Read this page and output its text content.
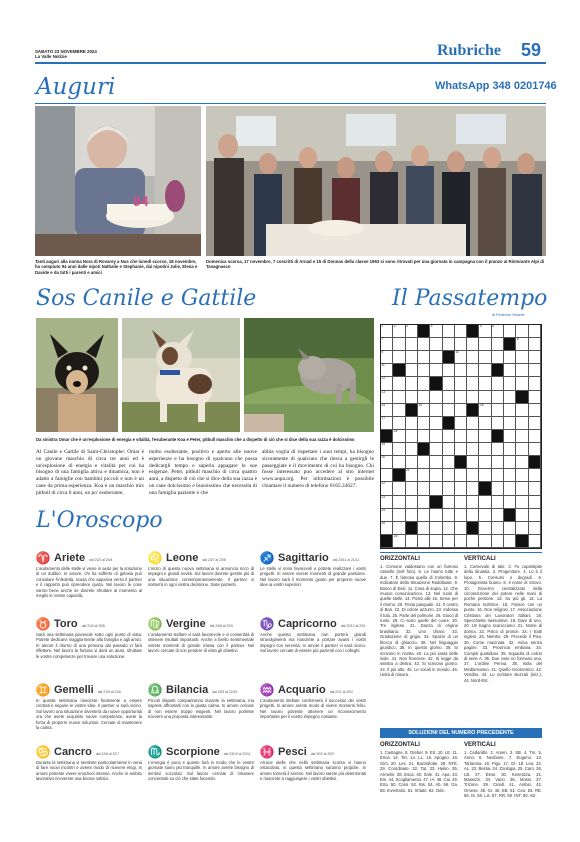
SABATO 23 NOVEMBRE 2024
La Valle Notizie	Rubriche 59
Auguri	WhatsApp 348 0201746
94
Tanti auguri alla nonna Nora di Rovarey a Nus che lunedì scorso, 18 novembre, ha compiuto 94 anni dalle nipoti Nathalie e Stephanie, dai nipotini Julie, Elena e Davide e da tutti i parenti e amici
Domenica scorsa, 17 novembre, 7 coscritti di Arnad e 15 di Donnas della classe 1963 si sono ritrovati per una giornata in campagna con il pranzo al Ristorante Alpi di Tavagnasco
Sos Canile e Gattile
Da sinistra Omar che è un'esplosione di energia e vitalità, l'esuberante Koa e Peter, pitbull maschio che a dispetto di ciò che si dice della sua razza è dolcissimo
Al Canile e Gattile di Saint-Christophe: Omar è un giovane maschio di circa tre anni ed è un'esplosione di energia e vitalità per cui ha bisogno di una famiglia attiva e dinamica, non è adatto a famiglie con bambini piccoli e non è un cane da prima esperienza. Koa è un maschio mix pitbull di circa 6 anni, un po' esuberante,
molto esuberante, positivo e aperto alle nuove esperienze e ha bisogno di qualcuno che possa dedicargli tempo e saperla appagare le sue esigenze. Peter, pitbull maschio di circa quattro anni, a dispetto di ciò che si dice della sua razza è un cane dolcissimo e buonissimo che necessita di una famiglia paziente e che
abbia voglia di rispettare i suoi tempi, ha bisogno sicuramente di qualcuno che riesca a gestirgli le passeggiate e il movimento di cui ha bisogno. Chi fosse interessato può accedere al sito internet www.aopa.org. Per informazioni è possibile chiamare il numero di telefono 0165.34627.
Il Passatempo
di Federica Vinante
1	2	3	4	5	6
7	8
9	10
11
12
13
14	15	16
17
18
19
20
21
22
23
24
25
26
ORIZZONTALI
1. Comune valdostano con un famoso castello (nell foto). 5. Le hanno tutte e due. 7. È famosa quella di Colombo. 8. Indicatore della Situazione Reddituale. 9. Bosco di Essi. 11. Cosa di sopra. 12. Che muove comunicazioni. 13. Nel ruolo di quelle stelle. 14. Posto alle 16. Serve per il ritorno. 20. Festa pasquale. 21. Il centro di Bari. 22. Di colore azzurro. 23. Indossa il tutù. 25. Parte del polmone. 26. Gioco di ruolo. 28. Ci sono quelle del cuore. 30. Tre inglese. 31. Danza di origine brasiliana. 32. Uno chiaro. 33. Gradazione di grigio. 34. Spazio di un blocco di ghiaccio. 36. Nel linguaggio giuridico. 38. In questo giorno. 39. Si scrivono in ricetta. 40. La più vasta delle isole. 41. Non francese. 42. Si legge da sinistra a destra. 43. Si scrivono giorno. 44. Il più alto. 45. Le vocali in mondo. 46. Unità di misura.
VERTICALI
1. Carnevale di tale. 2. Fu capostipite della dinastia. 3. Progenitore. 4. Lo è il lupo. 5. Consumi o degradi. 6. Protagonista buono. 8. Il nome di Snovo. 10. Governo centralizzato della circoscrizione del potere nelle mani di poche persone. 13. Su più gli. 14. La Romana scrittrice. 15. Finisce con un punto. 16. Non religiosi. 17. Associazione Cristiana dei Lavoratori Italiani. 18. Specchiette riassuntive. 19. Dare di uno. 20. Un bagno scanicciano. 21. Nome di donna. 23. Palco di prosce. 24. I tratti inglesi. 26. Nembo. 29. Precede il Pisa. 30. Come macinata. 32. Aviva senza pagine. 33. Provincia emiliana. 34. Compiti quotidiani. 35. Squadra di calcio di serie A. 36. Due cose no formano una. 37. L'ordine Penna. 38. Isola del Mediterraneo. 41. Quello Geometrico. 42. Vendita. 43. Lo scrittore Buzzati (iniz.). 44. Nord-Est.
SOLUZIONI DEL NUMERO PRECEDENTE
ORIZZONTALI
1. Castagne. 8. Oreber. 9. ES. 10. LE. 11. Erica. 12. Tet. 14. LL. 15. Apogeo. 18. Gim. 20. Les. 21. Bazzellotte. 28. NTE. 29. Coordinate. 32. Tat. 33. Heiko. 35. Armelin. 38. Esca. 40. Sole. 41. Apa. 43. Em. 44. Scogliamento. 47. IA. 48. Cai. 49. Erta. 50. Corsi. 52. Bis. 54. Ab. 56. Ga. 58. Inventario. 61. Irritate. 62. Ode.
VERTICALI
1. Cedaridlo. 2. Amen. 3. SB. 4. Tm. 5. Anno. 6. Neobone. 7. Eugeno. 13. Tarlarosa. 16. Pigo. 17. GI. 19. Lea. 22. AL. 23. Bestia. 24. Zoologia. 25. Caro. 26. LB. 27. Esne. 30. Kenetizza. 31. Massizzi. 34. Vano. 36. Mossi. 37. Trizone. 39. Cinalt. 41. Ambio. 42. Ornese. 45. GI. 46. EB. 51. Ceo. 53. RE. 55. IS. 56. Lis. 57. RR. 59. INT. 60. AD.
L'Oroscopo
♈ Ariete dal 21/3 al 20/4
L'andamento delle stelle vi viene in aiuto per la soluzione di un dubbio. In amore, chi ha sofferto di gelosia può consolare l'infedeltà, scusa che appariva verso il partner e il rapporto può riprendere quota. Nel lavoro le cose vanno bene anche se dovrete sfruttare al momento al meglio le vostre capacità.
♉ Toro dal 21/4 al 20/5
Sarà una settimana piacevole sotto ogni punto di vista. Potrete dedicarvi maggiormente alla famiglia e agli amici. In amore il ritorno di una persona dal passato vi farà riflettere. Nel lavoro la fortuna vi darà un aiuto, sfruttate le vostre competenze per trovare una soluzione.
♊ Gemelli dal 21/5 al 21/6
In questa settimana riuscirete finalmente a essere centrati e seguire le vostre idee. Il partner vi sarà vicino. Sul lavoro una situazione diventerà da nuove opportunità ora che avete acquisito nuove competenze, avete la forza di proporre nuove soluzioni. Cercate di mantenere la calma.
♋ Cancro dal 22/6 al 22/7
Durante la settimana vi sentirete particolarmente in vena di fare nuovi incontri e avrete modo di ricevere elogi. In amore potreste vivere emozioni intense. Anche in ambito lavorativo riceverete una buona notizia.
♌ Leone dal 23/7 al 23/8
L'inizio di questa nuova settimana si annuncia ricco di impegni e grandi novità. Sul lavoro dovrete gestire più di una situazione contemporaneamente. Il partner vi sosterrà in ogni vostra decisione. Siate pazienti.
♍ Vergine dal 24/8 al 22/9
L'andamento stellare vi sarà favorevole e vi consentirà di ottenere risultati importanti. Anche a livello sentimentale vivrete momenti di grande intesa con il partner. Nel lavoro cercate di non perdere di vista gli obiettivi.
♎ Bilancia dal 23/9 al 22/10
Piccoli dispetti compariranno durante la settimana, ma saprete affrontarli con la giusta calma. In amore cercate di non essere troppo esigenti. Nel lavoro potreste ricevere una proposta interessante.
♏ Scorpione dal 23/10 al 22/11
L'energia è poca e questo farà in modo che le vostre giornate siano più tranquille. In amore avrete bisogno di sentirvi coccolati. Sul lavoro cercate di rimanere concentrati su ciò che state facendo.
♐ Sagittario dal 23/11 al 21/12
Le stelle vi sono favorevoli e potrete realizzare i vostri progetti. In amore vivrete momenti di grande passione. Nel lavoro sarà il momento giusto per proporre nuove idee ai vostri superiori.
♑ Capricorno dal 22/12 al 20/1
Anche questa settimana non porterà grandi stravolgimenti ma riuscirete a portare avanti i vostri impegni con serenità. In amore il partner vi sarà vicino. Sul lavoro cercate di essere più pazienti con i colleghi.
♒ Acquario dal 21/1 al 19/2
L'andamento stellare confermerà il successo dei vostri progetti. In amore avrete modo di vivere momenti felici. Nel lavoro potreste ottenere un riconoscimento importante per il vostro impegno costante.
♓ Pesci dal 20/2 al 20/3
Alcune stelle che nella settimana scorsa vi hanno ostacolato, in questa settimana saranno propizie. In amore tornerà il sereno. Nel lavoro sarete più determinati e riuscirete a raggiungere i vostri obiettivi.
